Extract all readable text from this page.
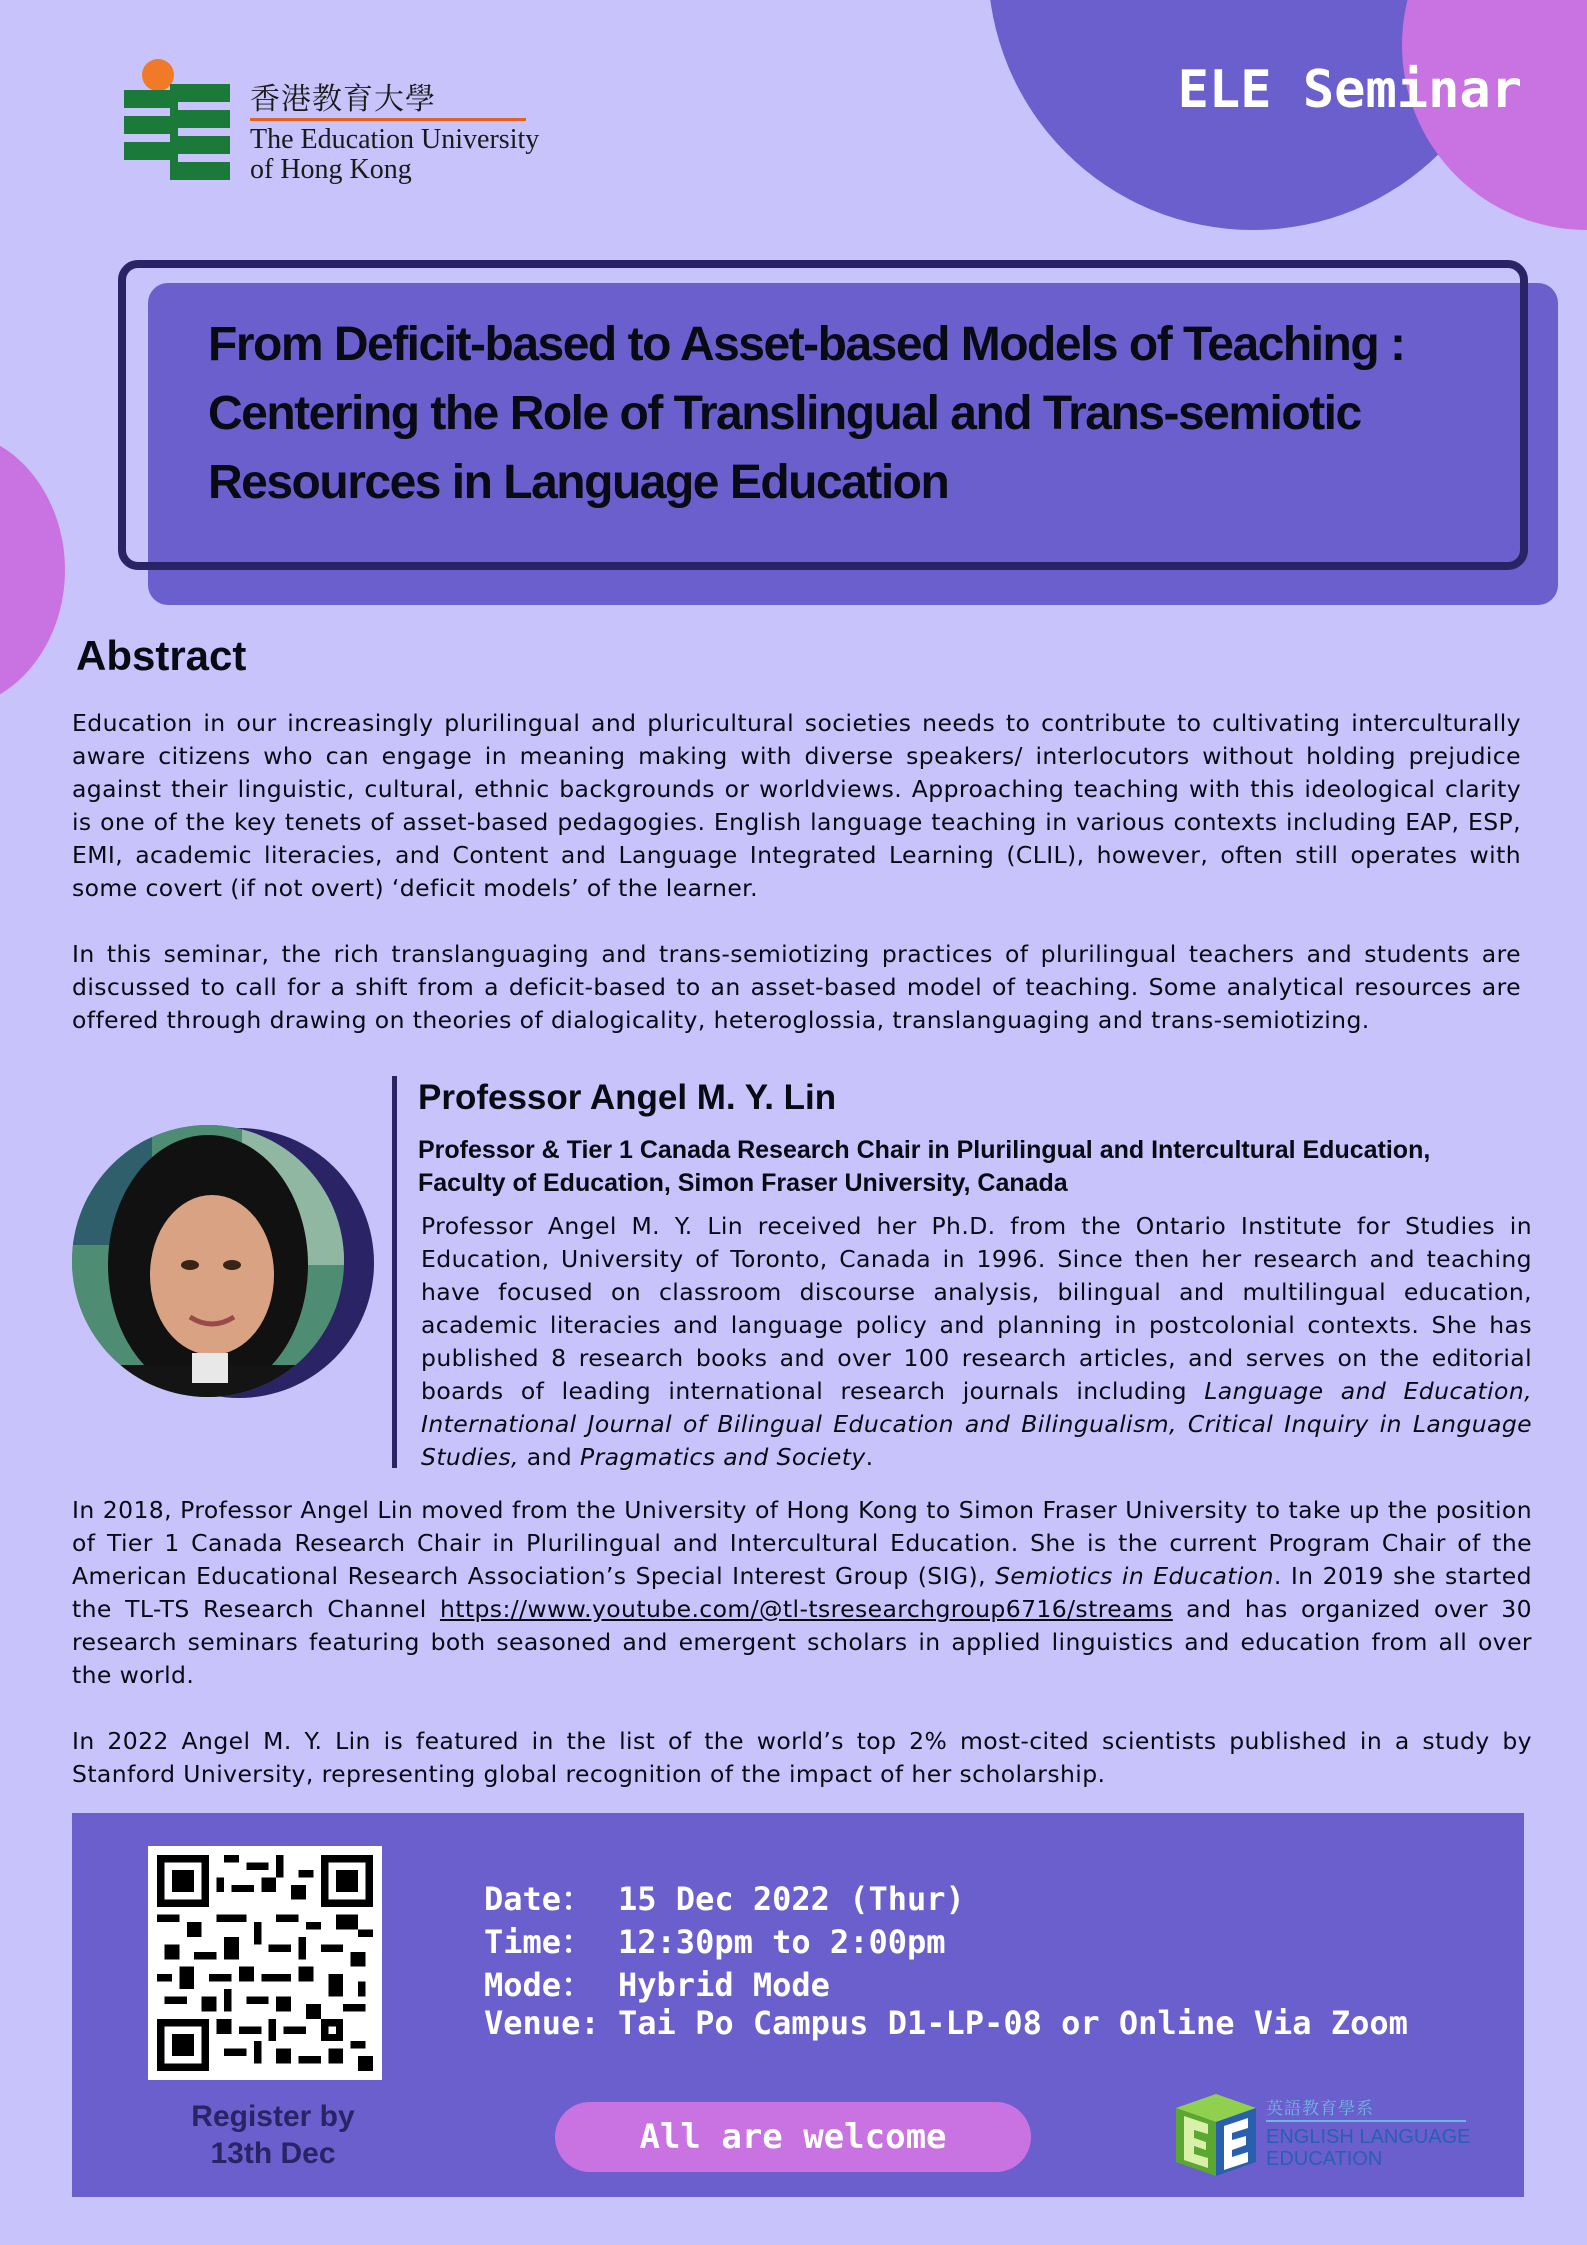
香港教育大學
The Education University
of Hong Kong
ELE Seminar
From Deficit-based to Asset-based Models of Teaching :
Centering the Role of Translingual and Trans-semiotic
Resources in Language Education
Abstract

Education in our increasingly plurilingual and pluricultural societies needs to contribute to cultivating interculturally aware citizens who can engage in meaning making with diverse speakers/ interlocutors without holding prejudice against their linguistic, cultural, ethnic backgrounds or worldviews. Approaching teaching with this ideological clarity is one of the key tenets of asset-based pedagogies. English language teaching in various contexts including EAP, ESP, EMI, academic literacies, and Content and Language Integrated Learning (CLIL), however, often still operates with some covert (if not overt) ‘deficit models’ of the learner.

In this seminar, the rich translanguaging and trans-semiotizing practices of plurilingual teachers and students are discussed to call for a shift from a deficit-based to an asset-based model of teaching. Some analytical resources are offered through drawing on theories of dialogicality, heteroglossia, translanguaging and trans-semiotizing.

Professor Angel M. Y. Lin

Professor & Tier 1 Canada Research Chair in Plurilingual and Intercultural Education,
Faculty of Education, Simon Fraser University, Canada

Professor Angel M. Y. Lin received her Ph.D. from the Ontario Institute for Studies in Education, University of Toronto, Canada in 1996. Since then her research and teaching have focused on classroom discourse analysis, bilingual and multilingual education, academic literacies and language policy and planning in postcolonial contexts. She has published 8 research books and over 100 research articles, and serves on the editorial boards of leading international research journals including Language and Education, International Journal of Bilingual Education and Bilingualism, Critical Inquiry in Language Studies, and Pragmatics and Society.

In 2018, Professor Angel Lin moved from the University of Hong Kong to Simon Fraser University to take up the position of Tier 1 Canada Research Chair in Plurilingual and Intercultural Education. She is the current Program Chair of the American Educational Research Association’s Special Interest Group (SIG), Semiotics in Education. In 2019 she started the TL-TS Research Channel https://www.youtube.com/@tl-tsresearchgroup6716/streams and has organized over 30 research seminars featuring both seasoned and emergent scholars in applied linguistics and education from all over the world.

In 2022 Angel M. Y. Lin is featured in the list of the world’s top 2% most-cited scientists published in a study by Stanford University, representing global recognition of the impact of her scholarship.

Register by
13th Dec

Date： 15 Dec 2022 (Thur)
Time： 12:30pm to 2:00pm
Mode： Hybrid Mode
Venue: Tai Po Campus D1-LP-08 or Online Via Zoom
All are welcome
英語教育學系
ENGLISH LANGUAGE
EDUCATION
